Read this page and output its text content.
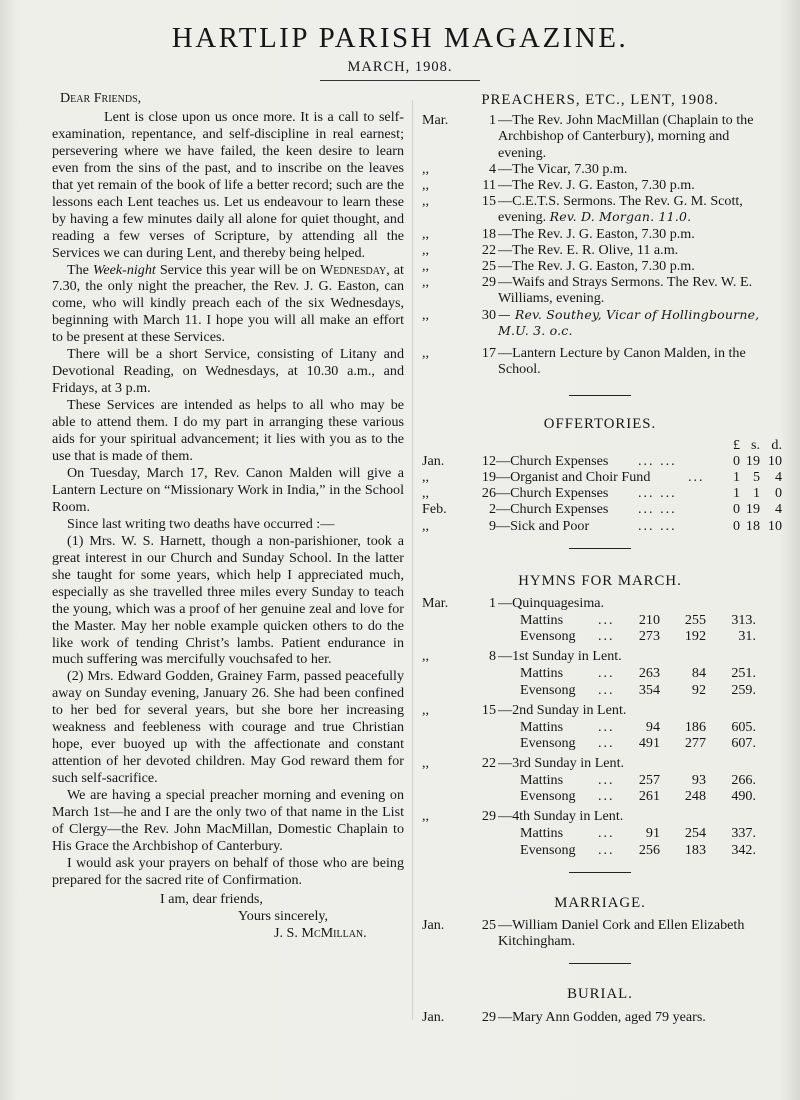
HARTLIP PARISH MAGAZINE.
MARCH, 1908.

Dear Friends,

Lent is close upon us once more. It is a call to self-examination, repentance, and self-discipline in real earnest; persevering where we have failed, the keen desire to learn even from the sins of the past, and to inscribe on the leaves that yet remain of the book of life a better record; such are the lessons each Lent teaches us. Let us endeavour to learn these by having a few minutes daily all alone for quiet thought, and reading a few verses of Scripture, by attending all the Services we can during Lent, and thereby being helped.

The Week-night Service this year will be on Wednesday, at 7.30, the only night the preacher, the Rev. J. G. Easton, can come, who will kindly preach each of the six Wednesdays, beginning with March 11. I hope you will all make an effort to be present at these Services.

There will be a short Service, consisting of Litany and Devotional Reading, on Wednesdays, at 10.30 a.m., and Fridays, at 3 p.m.

These Services are intended as helps to all who may be able to attend them. I do my part in arranging these various aids for your spiritual advancement; it lies with you as to the use that is made of them.

On Tuesday, March 17, Rev. Canon Malden will give a Lantern Lecture on “Missionary Work in India,” in the School Room.

Since last writing two deaths have occurred :—

(1) Mrs. W. S. Harnett, though a non-parishioner, took a great interest in our Church and Sunday School. In the latter she taught for some years, which help I appreciated much, especially as she travelled three miles every Sunday to teach the young, which was a proof of her genuine zeal and love for the Master. May her noble example quicken others to do the like work of tending Christ’s lambs. Patient endurance in much suffering was mercifully vouchsafed to her.

(2) Mrs. Edward Godden, Grainey Farm, passed peacefully away on Sunday evening, January 26. She had been confined to her bed for several years, but she bore her increasing weakness and feebleness with courage and true Christian hope, ever buoyed up with the affectionate and constant attention of her devoted children. May God reward them for such self-sacrifice.

We are having a special preacher morning and evening on March 1st—he and I are the only two of that name in the List of Clergy—the Rev. John MacMillan, Domestic Chaplain to His Grace the Archbishop of Canterbury.

I would ask your prayers on behalf of those who are being prepared for the sacred rite of Confirmation.

I am, dear friends,
Yours sincerely,
J. S. McMillan.
PREACHERS, ETC., LENT, 1908.
Mar.	1 —The Rev. John MacMillan (Chaplain to the Archbishop of Canterbury), morning and evening.
,,	4 —The Vicar, 7.30 p.m.
,,	11 —The Rev. J. G. Easton, 7.30 p.m.
,,	15 —C.E.T.S. Sermons. The Rev. G. M. Scott, evening. Rev. D. Morgan. 11.0.
,,	18 —The Rev. J. G. Easton, 7.30 p.m.
,,	22 —The Rev. E. R. Olive, 11 a.m.
,,	25 —The Rev. J. G. Easton, 7.30 p.m.
,,	29 —Waifs and Strays Sermons. The Rev. W. E. Williams, evening.
,,	30 — Rev. Southey, Vicar of Hollingbourne, M.U. 3. o.c.
,,	17 —Lantern Lecture by Canon Malden, in the School.
OFFERTORIES.
£ s. d.
Jan.	12 —Church Expenses ... ...	0 19 10
,,	19 —Organist and Choir Fund	...	1 5	4
,,	26 —Church Expenses ... ...	1 1	0
Feb.	2 —Church Expenses ... ...	0 19	4
,,	9 —Sick and Poor	... ...	0 18 10
HYMNS FOR MARCH.
Mar.	1 —Quinquagesima.
Mattins ...	210	255	313.
Evensong ...	273	192	31.
,,	8 —1st Sunday in Lent.
Mattins ...	263	84	251.
Evensong ...	354	92	259.
,,	15 —2nd Sunday in Lent.
Mattins ...	94	186	605.
Evensong ...	491	277	607.
,,	22 —3rd Sunday in Lent.
Mattins ...	257	93	266.
Evensong ...	261	248	490.
,,	29 —4th Sunday in Lent.
Mattins ...	91	254	337.
Evensong ...	256	183	342.
MARRIAGE.
Jan.	25 —William Daniel Cork and Ellen Elizabeth Kitchingham.
BURIAL.
Jan.	29 —Mary Ann Godden, aged 79 years.
